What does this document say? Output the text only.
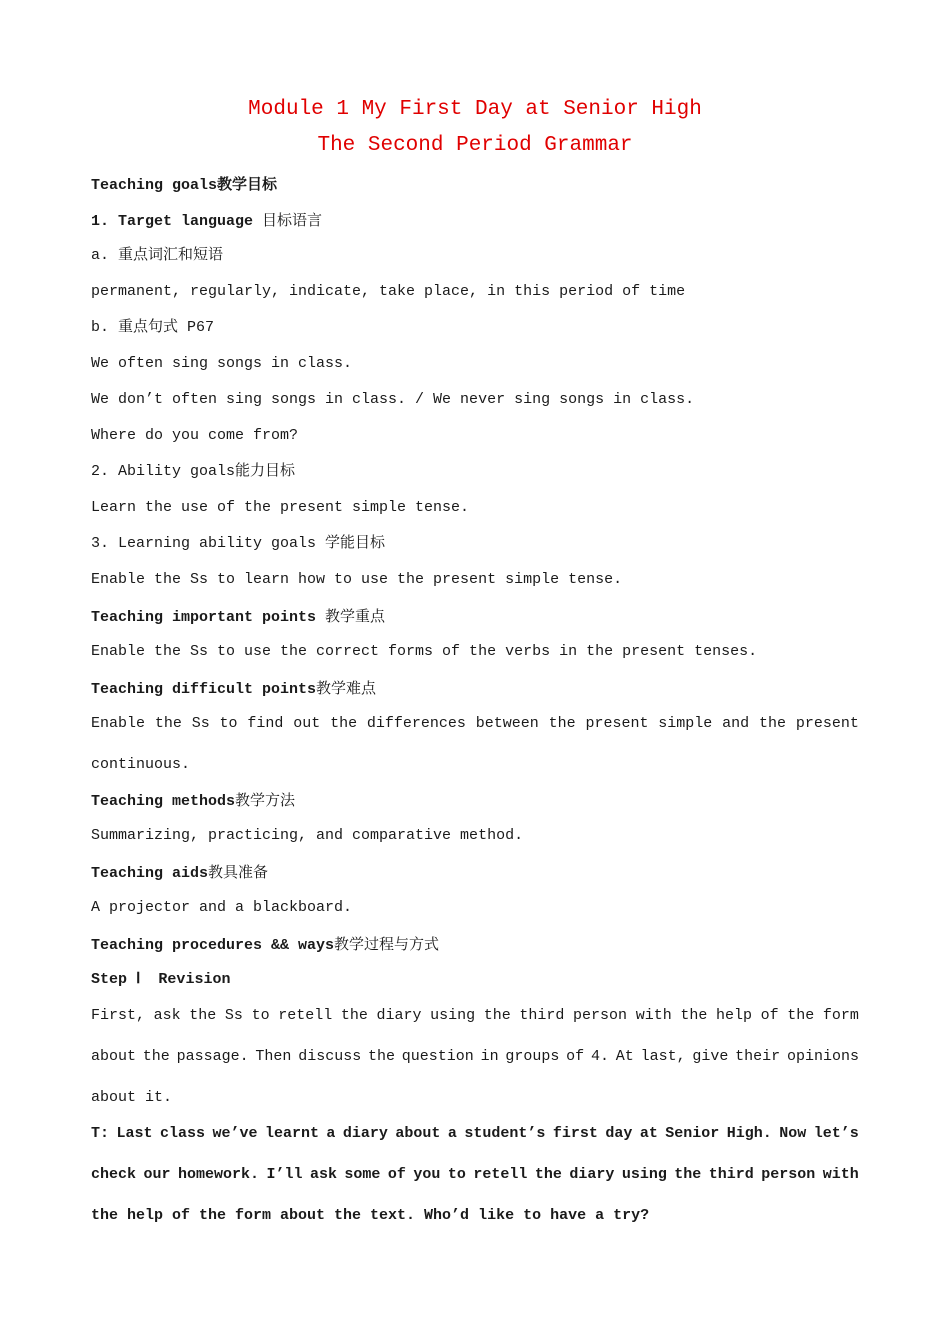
Module 1 My First Day at Senior High
The Second Period Grammar
Teaching goals教学目标
1. Target language 目标语言
a. 重点词汇和短语
permanent, regularly, indicate, take place, in this period of time
b. 重点句式 P67
We often sing songs in class.
We don’t often sing songs in class. / We never sing songs in class.
Where do you come from?
2. Ability goals能力目标
Learn the use of the present simple tense.
3. Learning ability goals 学能目标
Enable the Ss to learn how to use the present simple tense.
Teaching important points 教学重点
Enable the Ss to use the correct forms of the verbs in the present tenses.
Teaching difficult points教学难点
Enable the Ss to find out the differences between the present simple and the present
continuous.
Teaching methods教学方法
Summarizing, practicing, and comparative method.
Teaching aids教具准备
A projector and a blackboard.
Teaching procedures && ways教学过程与方式
Step Ⅰ  Revision
First, ask the Ss to retell the diary using the third person with the help of the form
about the passage. Then discuss the question in groups of 4. At last, give their opinions
about it.
T: Last class we’ve learnt a diary about a student’s first day at Senior High. Now let’s
check our homework. I’ll ask some of you to retell the diary using the third person with
the help of the form about the text. Who’d like to have a try?
